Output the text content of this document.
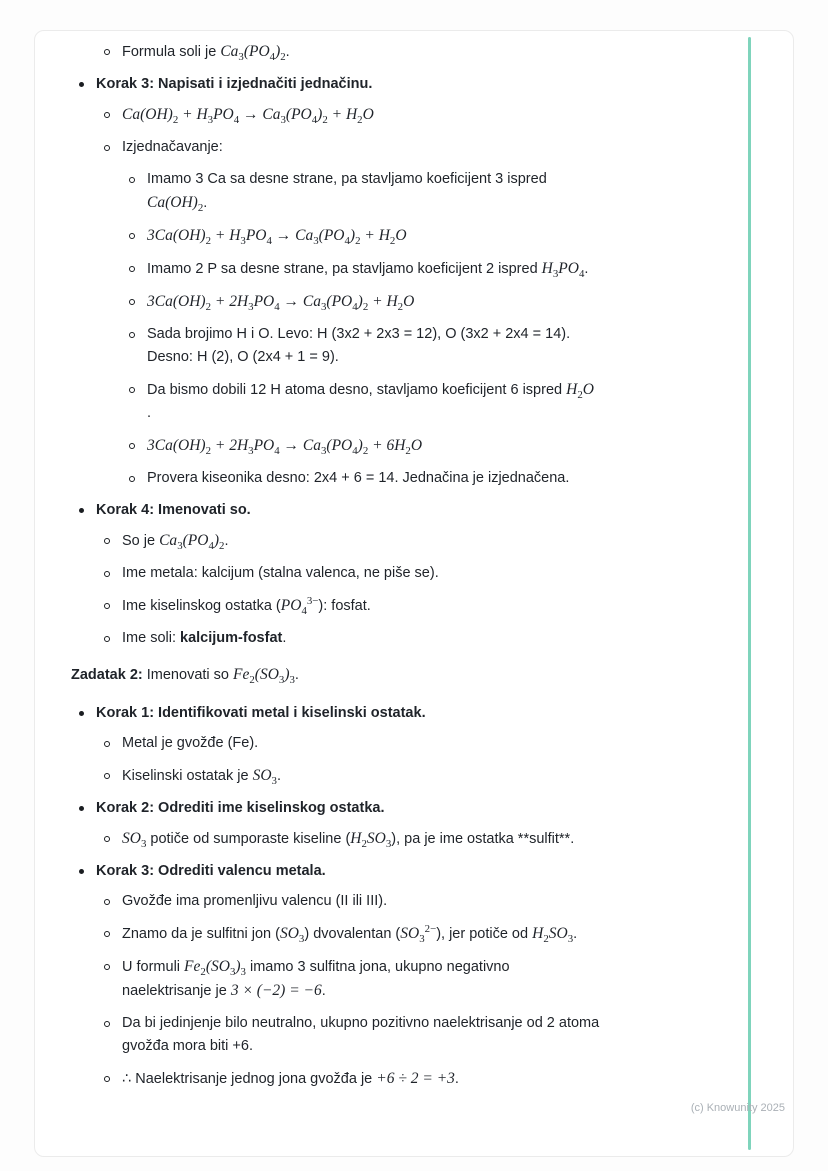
Formula soli je $Ca_3(PO_4)_2$.
Korak 3: Napisati i izjednačiti jednačinu.
$Ca(OH)_2 + H_3PO_4 \to Ca_3(PO_4)_2 + H_2O$
Izjednačavanje:
Imamo 3 Ca sa desne strane, pa stavljamo koeficijent 3 ispred
$Ca(OH)_2$.
$3Ca(OH)_2 + H_3PO_4 \to Ca_3(PO_4)_2 + H_2O$
Imamo 2 P sa desne strane, pa stavljamo koeficijent 2 ispred $H_3PO_4$.
$3Ca(OH)_2 + 2H_3PO_4 \to Ca_3(PO_4)_2 + H_2O$
Sada brojimo H i O. Levo: H (3x2 + 2x3 = 12), O (3x2 + 2x4 = 14).
Desno: H (2), O (2x4 + 1 = 9).
Da bismo dobili 12 H atoma desno, stavljamo koeficijent 6 ispred $H_2O$
.
$3Ca(OH)_2 + 2H_3PO_4 \to Ca_3(PO_4)_2 + 6H_2O$
Provera kiseonika desno: 2x4 + 6 = 14. Jednačina je izjednačena.
Korak 4: Imenovati so.
So je $Ca_3(PO_4)_2$.
Ime metala: kalcijum (stalna valenca, ne piše se).
Ime kiselinskog ostatka $(PO_4^{3-})$: fosfat.
Ime soli: kalcijum-fosfat.
Zadatak 2: Imenovati so $Fe_2(SO_3)_3$.
Korak 1: Identifikovati metal i kiselinski ostatak.
Metal je gvožđe (Fe).
Kiselinski ostatak je $SO_3$.
Korak 2: Odrediti ime kiselinskog ostatka.
$SO_3$ potiče od sumporaste kiseline $(H_2SO_3)$, pa je ime ostatka **sulfit**.
Korak 3: Odrediti valencu metala.
Gvožđe ima promenljivu valencu (II ili III).
Znamo da je sulfitni jon $(SO_3)$ dvovalentan $(SO_3^{2-})$, jer potiče od $H_2SO_3$.
U formuli $Fe_2(SO_3)_3$ imamo 3 sulfitna jona, ukupno negativno
naelektrisanje je 3 × (−2) = −6.
Da bi jedinjenje bilo neutralno, ukupno pozitivno naelektrisanje od 2 atoma
gvožđa mora biti +6.
∴ Naelektrisanje jednog jona gvožđa je +6 ÷ 2 = +3.
(c) Knowunity 2025
